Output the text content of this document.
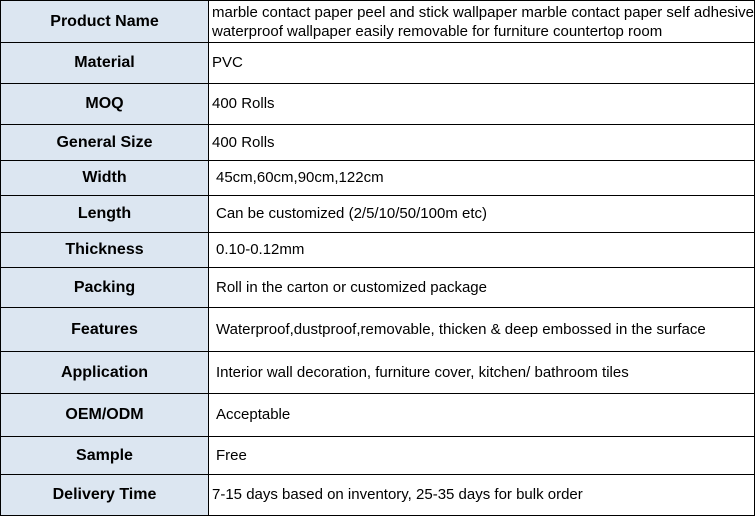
Product Name	marble contact paper peel and stick wallpaper marble contact paper self adhesive waterproof wallpaper easily removable for furniture countertop room
Material	PVC
MOQ	400 Rolls
General Size	400 Rolls
Width	45cm,60cm,90cm,122cm
Length	Can be customized (2/5/10/50/100m etc)
Thickness	0.10-0.12mm
Packing	Roll in the carton or customized package
Features	Waterproof,dustproof,removable, thicken & deep embossed in the surface
Application	Interior wall decoration, furniture cover, kitchen/ bathroom tiles
OEM/ODM	Acceptable
Sample	Free
Delivery Time	7-15 days based on inventory, 25-35 days for bulk order
